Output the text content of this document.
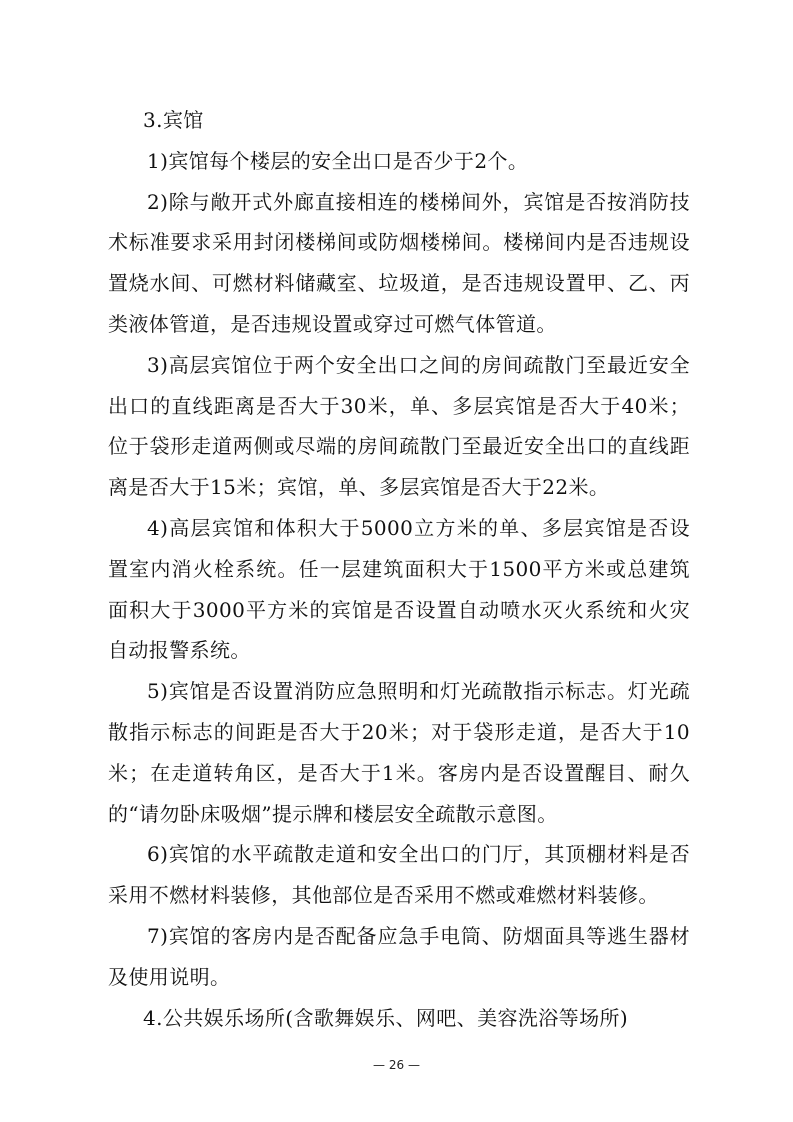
3.宾馆

1)宾馆每个楼层的安全出口是否少于2个。

2)除与敞开式外廊直接相连的楼梯间外，宾馆是否按消防技术标准要求采用封闭楼梯间或防烟楼梯间。楼梯间内是否违规设置烧水间、可燃材料储藏室、垃圾道，是否违规设置甲、乙、丙类液体管道，是否违规设置或穿过可燃气体管道。

3)高层宾馆位于两个安全出口之间的房间疏散门至最近安全出口的直线距离是否大于30米，单、多层宾馆是否大于40米；位于袋形走道两侧或尽端的房间疏散门至最近安全出口的直线距离是否大于15米；宾馆，单、多层宾馆是否大于22米。

4)高层宾馆和体积大于5000立方米的单、多层宾馆是否设置室内消火栓系统。任一层建筑面积大于1500平方米或总建筑面积大于3000平方米的宾馆是否设置自动喷水灭火系统和火灾自动报警系统。

5)宾馆是否设置消防应急照明和灯光疏散指示标志。灯光疏散指示标志的间距是否大于20米；对于袋形走道，是否大于10米；在走道转角区，是否大于1米。客房内是否设置醒目、耐久的“请勿卧床吸烟”提示牌和楼层安全疏散示意图。

6)宾馆的水平疏散走道和安全出口的门厅，其顶棚材料是否采用不燃材料装修，其他部位是否采用不燃或难燃材料装修。

7)宾馆的客房内是否配备应急手电筒、防烟面具等逃生器材及使用说明。

4.公共娱乐场所(含歌舞娱乐、网吧、美容洗浴等场所)

— 26 —
